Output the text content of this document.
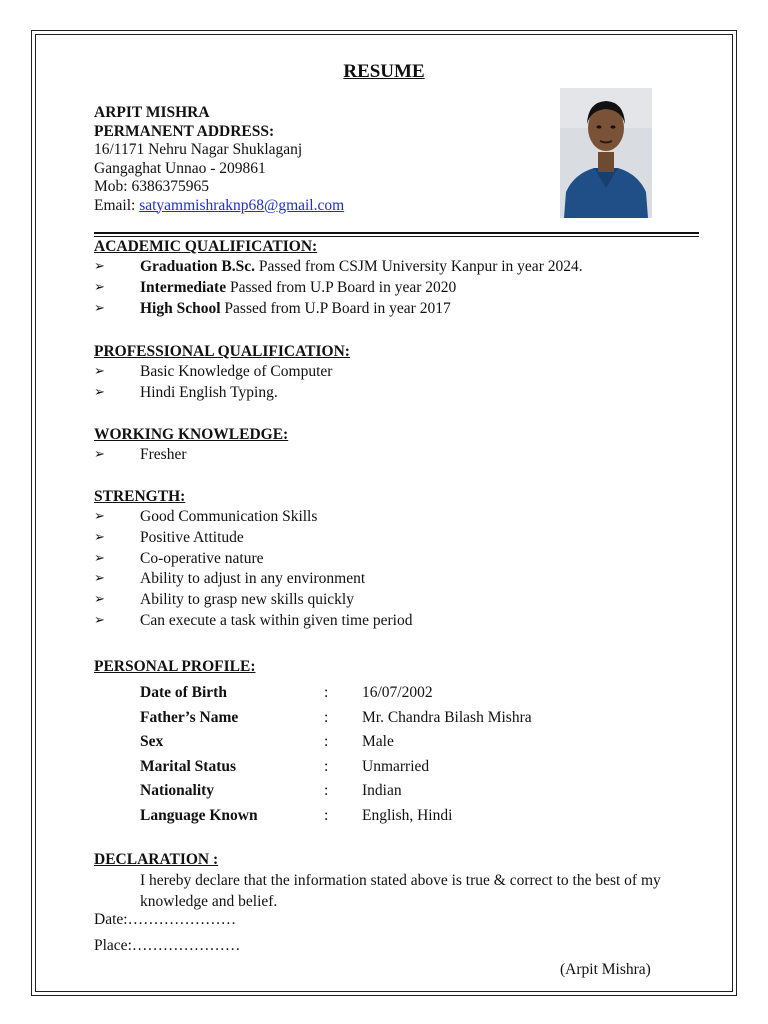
RESUME
ARPIT MISHRA
PERMANENT ADDRESS:
16/1171 Nehru Nagar Shuklaganj
Gangaghat Unnao - 209861
Mob: 6386375965
Email: satyammishraknp68@gmail.com
ACADEMIC QUALIFICATION:
➢	Graduation B.Sc. Passed from CSJM University Kanpur in year 2024.
➢	Intermediate Passed from U.P Board in year 2020
➢	High School Passed from U.P Board in year 2017
PROFESSIONAL QUALIFICATION:
➢	Basic Knowledge of Computer
➢	Hindi English Typing.
WORKING KNOWLEDGE:
➢	Fresher
STRENGTH:
➢	Good Communication Skills
➢	Positive Attitude
➢	Co-operative nature
➢	Ability to adjust in any environment
➢	Ability to grasp new skills quickly
➢	Can execute a task within given time period
PERSONAL PROFILE:
Date of Birth	:	16/07/2002
Father’s Name	:	Mr. Chandra Bilash Mishra
Sex	:	Male
Marital Status	:	Unmarried
Nationality	:	Indian
Language Known	:	English, Hindi
DECLARATION :
I hereby declare that the information stated above is true & correct to the best of my knowledge and belief.
Date:…………………
Place:…………………
(Arpit Mishra)
